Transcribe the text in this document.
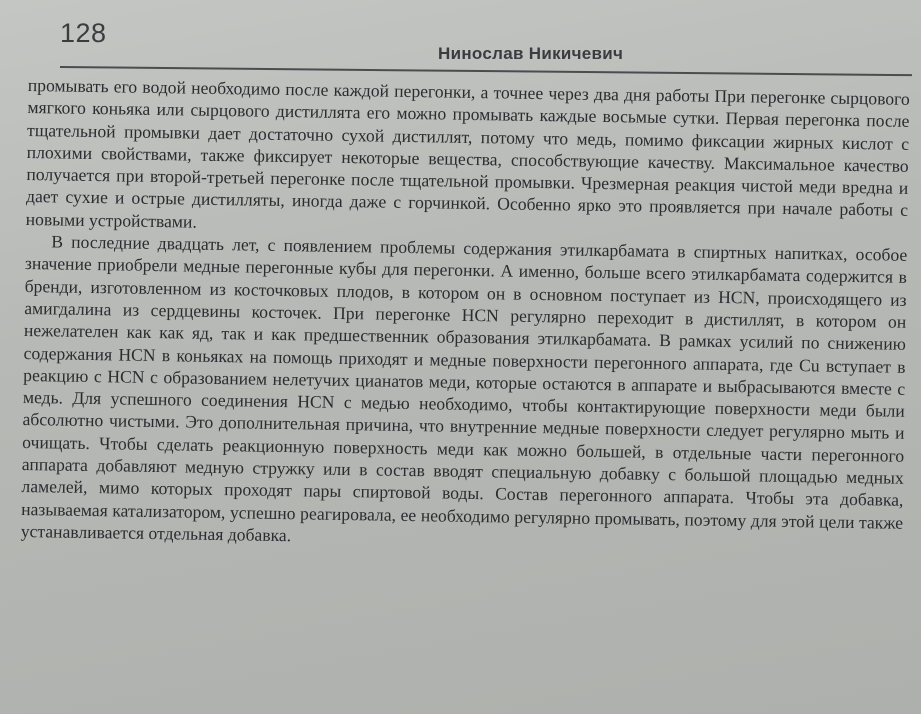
128
Нинослав Никичевич

промывать его водой необходимо после каждой перегонки, а точнее через два дня работы При перегонке сырцового мягкого коньяка или сырцового дистиллята его можно промывать каждые восьмые сутки. Первая перегонка после тщательной промывки дает достаточно сухой дистиллят, потому что медь, помимо фиксации жирных кислот с плохими свойствами, также фиксирует некоторые вещества, способствующие качеству. Максимальное качество получается при второй-третьей перегонке после тщательной промывки. Чрезмерная реакция чистой меди вредна и дает сухие и острые дистилляты, иногда даже с горчинкой. Особенно ярко это проявляется при начале работы с новыми устройствами.

В последние двадцать лет, с появлением проблемы содержания этилкарбамата в спиртных напитках, особое значение приобрели медные перегонные кубы для перегонки. А именно, больше всего этилкарбамата содержится в бренди, изготовленном из косточковых плодов, в котором он в основном поступает из HCN, происходящего из амигдалина из сердцевины косточек. При перегонке HCN регулярно переходит в дистиллят, в котором он нежелателен как как яд, так и как предшественник образования этилкарбамата. В рамках усилий по снижению содержания HCN в коньяках на помощь приходят и медные поверхности перегонного аппарата, где Cu вступает в реакцию с HCN с образованием нелетучих цианатов меди, которые остаются в аппарате и выбрасываются вместе с медь. Для успешного соединения HCN с медью необходимо, чтобы контактирующие поверхности меди были абсолютно чистыми. Это дополнительная причина, что внутренние медные поверхности следует регулярно мыть и очищать. Чтобы сделать реакционную поверхность меди как можно большей, в отдельные части перегонного аппарата добавляют медную стружку или в состав вводят специальную добавку с большой площадью медных ламелей, мимо которых проходят пары спиртовой воды. Состав перегонного аппарата. Чтобы эта добавка, называемая катализатором, успешно реагировала, ее необходимо регулярно промывать, поэтому для этой цели также устанавливается отдельная добавка.
